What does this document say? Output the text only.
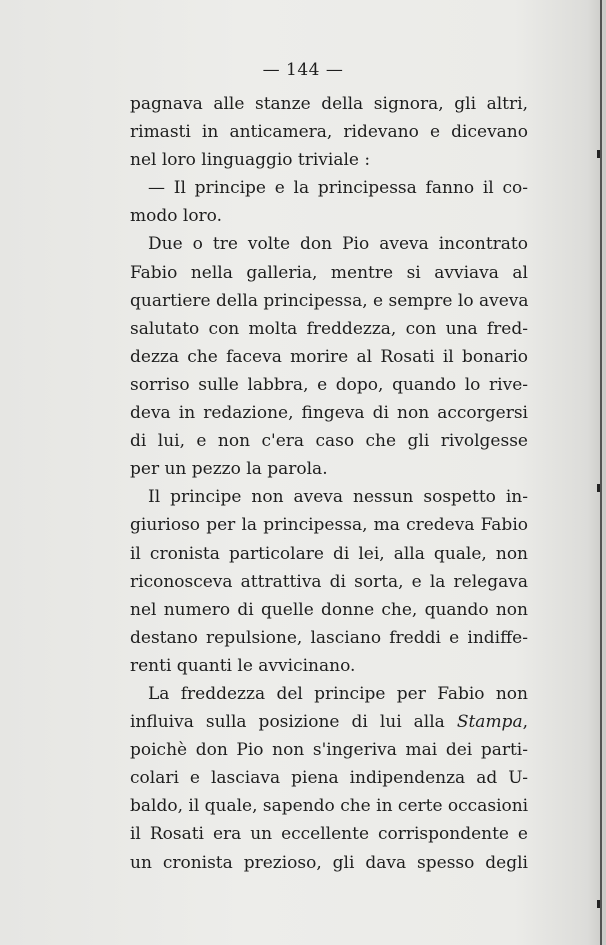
— 144 —
pagnava alle stanze della signora, gli altri,
rimasti in anticamera, ridevano e dicevano
nel loro linguaggio triviale :
— Il principe e la principessa fanno il co-
modo loro.
Due o tre volte don Pio aveva incontrato
Fabio nella galleria, mentre si avviava al
quartiere della principessa, e sempre lo aveva
salutato con molta freddezza, con una fred-
dezza che faceva morire al Rosati il bonario
sorriso sulle labbra, e dopo, quando lo rive-
deva in redazione, fingeva di non accorgersi
di lui, e non c'era caso che gli rivolgesse
per un pezzo la parola.
Il principe non aveva nessun sospetto in-
giurioso per la principessa, ma credeva Fabio
il cronista particolare di lei, alla quale, non
riconosceva attrattiva di sorta, e la relegava
nel numero di quelle donne che, quando non
destano repulsione, lasciano freddi e indiffe-
renti quanti le avvicinano.
La freddezza del principe per Fabio non
influiva sulla posizione di lui alla Stampa,
poichè don Pio non s'ingeriva mai dei parti-
colari e lasciava piena indipendenza ad U-
baldo, il quale, sapendo che in certe occasioni
il Rosati era un eccellente corrispondente e
un cronista prezioso, gli dava spesso degli
